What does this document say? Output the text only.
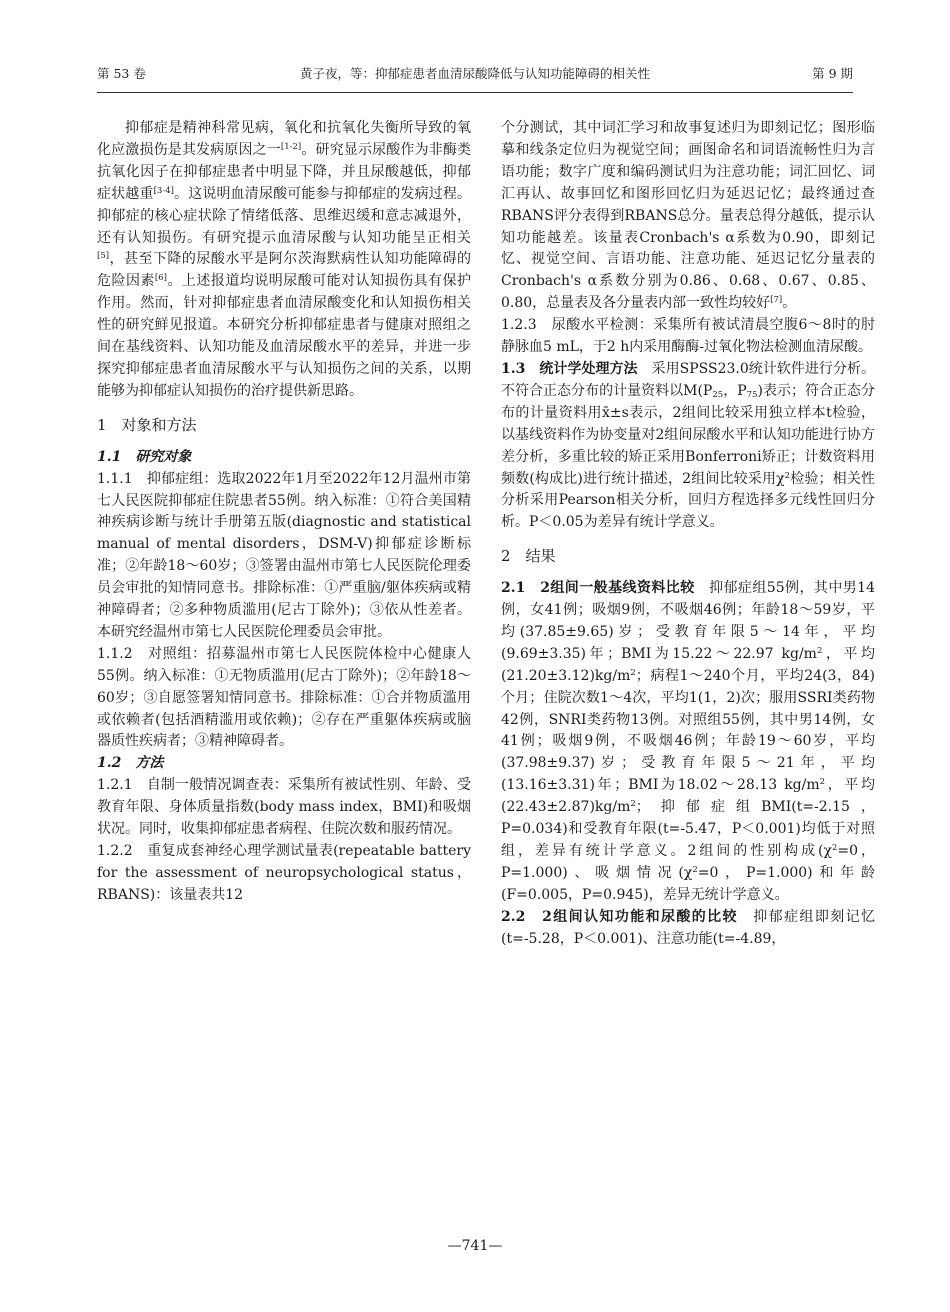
第 53 卷	黄子夜，等：抑郁症患者血清尿酸降低与认知功能障碍的相关性	第 9 期

抑郁症是精神科常见病，氧化和抗氧化失衡所导致的氧化应激损伤是其发病原因之一[1-2]。研究显示尿酸作为非酶类抗氧化因子在抑郁症患者中明显下降，并且尿酸越低，抑郁症状越重[3-4]。这说明血清尿酸可能参与抑郁症的发病过程。抑郁症的核心症状除了情绪低落、思维迟缓和意志减退外，还有认知损伤。有研究提示血清尿酸与认知功能呈正相关[5]，甚至下降的尿酸水平是阿尔茨海默病性认知功能障碍的危险因素[6]。上述报道均说明尿酸可能对认知损伤具有保护作用。然而，针对抑郁症患者血清尿酸变化和认知损伤相关性的研究鲜见报道。本研究分析抑郁症患者与健康对照组之间在基线资料、认知功能及血清尿酸水平的差异，并进一步探究抑郁症患者血清尿酸水平与认知损伤之间的关系，以期能够为抑郁症认知损伤的治疗提供新思路。

1　对象和方法

1.1　研究对象

1.1.1　抑郁症组：选取2022年1月至2022年12月温州市第七人民医院抑郁症住院患者55例。纳入标准：①符合美国精神疾病诊断与统计手册第五版(diagnostic and statistical manual of mental disorders，DSM-V)抑郁症诊断标准；②年龄18～60岁；③签署由温州市第七人民医院伦理委员会审批的知情同意书。排除标准：①严重脑/躯体疾病或精神障碍者；②多种物质滥用(尼古丁除外)；③依从性差者。本研究经温州市第七人民医院伦理委员会审批。

1.1.2　对照组：招募温州市第七人民医院体检中心健康人55例。纳入标准：①无物质滥用(尼古丁除外)；②年龄18～60岁；③自愿签署知情同意书。排除标准：①合并物质滥用或依赖者(包括酒精滥用或依赖)；②存在严重躯体疾病或脑器质性疾病者；③精神障碍者。

1.2　方法

1.2.1　自制一般情况调查表：采集所有被试性别、年龄、受教育年限、身体质量指数(body mass index，BMI)和吸烟状况。同时，收集抑郁症患者病程、住院次数和服药情况。

1.2.2　重复成套神经心理学测试量表(repeatable battery for the assessment of neuropsychological status，RBANS)：该量表共12

个分测试，其中词汇学习和故事复述归为即刻记忆；图形临摹和线条定位归为视觉空间；画图命名和词语流畅性归为言语功能；数字广度和编码测试归为注意功能；词汇回忆、词汇再认、故事回忆和图形回忆归为延迟记忆；最终通过查RBANS评分表得到RBANS总分。量表总得分越低，提示认知功能越差。该量表Cronbach's α系数为0.90，即刻记忆、视觉空间、言语功能、注意功能、延迟记忆分量表的Cronbach's α系数分别为0.86、0.68、0.67、0.85、0.80，总量表及各分量表内部一致性均较好[7]。

1.2.3　尿酸水平检测：采集所有被试清晨空腹6～8时的肘静脉血5 mL，于2 h内采用酶酶-过氧化物法检测血清尿酸。

1.3　统计学处理方法　采用SPSS23.0统计软件进行分析。不符合正态分布的计量资料以$M(P_{25}$，$P_{75}$)表示；符合正态分布的计量资料用x̄±s表示，2组间比较采用独立样本t检验，以基线资料作为协变量对2组间尿酸水平和认知功能进行协方差分析，多重比较的矫正采用Bonferroni矫正；计数资料用频数(构成比)进行统计描述，2组间比较采用$\chi^2$检验；相关性分析采用Pearson相关分析，回归方程选择多元线性回归分析。P＜0.05为差异有统计学意义。

2　结果

2.1　2组间一般基线资料比较　抑郁症组55例，其中男14例，女41例；吸烟9例，不吸烟46例；年龄18～59岁，平均(37.85±9.65)岁；受教育年限5～14年，平均(9.69±3.35)年；BMI为15.22～22.97 $kg/m^2$，平均$(21.20\pm 3.12)kg/m^2$；病程1～240个月，平均24(3，84)个月；住院次数1～4次，平均1(1，2)次；服用SSRI类药物42例，SNRI类药物13例。对照组55例，其中男14例，女41例；吸烟9例，不吸烟46例；年龄19～60岁，平均(37.98±9.37)岁；受教育年限5～21年，平均(13.16±3.31)年；BMI为18.02～28.13 $kg/m^2$，平均$(22.43\pm 2.87)kg/m^2$；抑郁症组BMI(t=-2.15，P=0.034)和受教育年限(t=-5.47，P＜0.001)均低于对照组，差异有统计学意义。2组间的性别构成($\chi^2=0$，P=1.000)、吸烟情况($\chi^2=0$，P=1.000)和年龄(F=0.005，P=0.945)，差异无统计学意义。

2.2　2组间认知功能和尿酸的比较　抑郁症组即刻记忆(t=-5.28，P＜0.001)、注意功能(t=-4.89，

—741—
